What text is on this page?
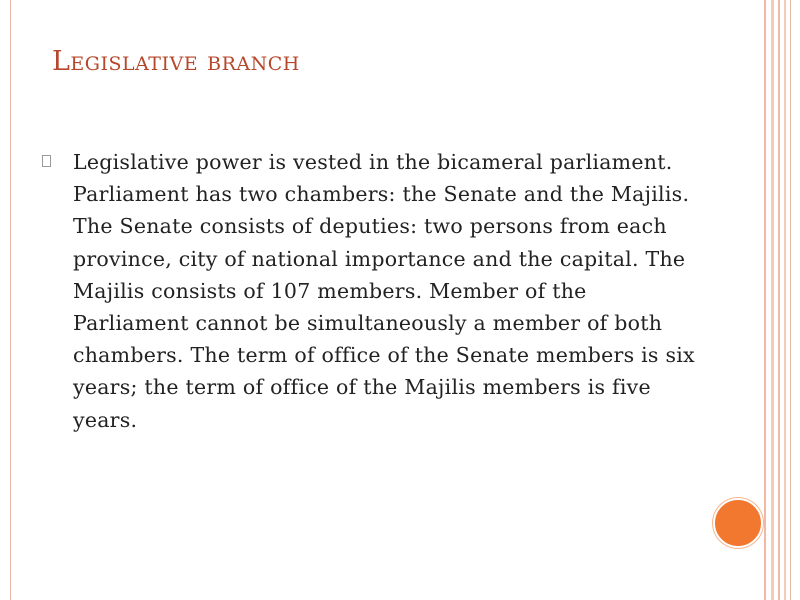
Legislative branch

Legislative power is vested in the bicameral parliament. Parliament has two chambers: the Senate and the Majilis. The Senate consists of deputies: two persons from each province, city of national importance and the capital. The Majilis consists of 107 members. Member of the Parliament cannot be simultaneously a member of both chambers. The term of office of the Senate members is six years; the term of office of the Majilis members is five years.
